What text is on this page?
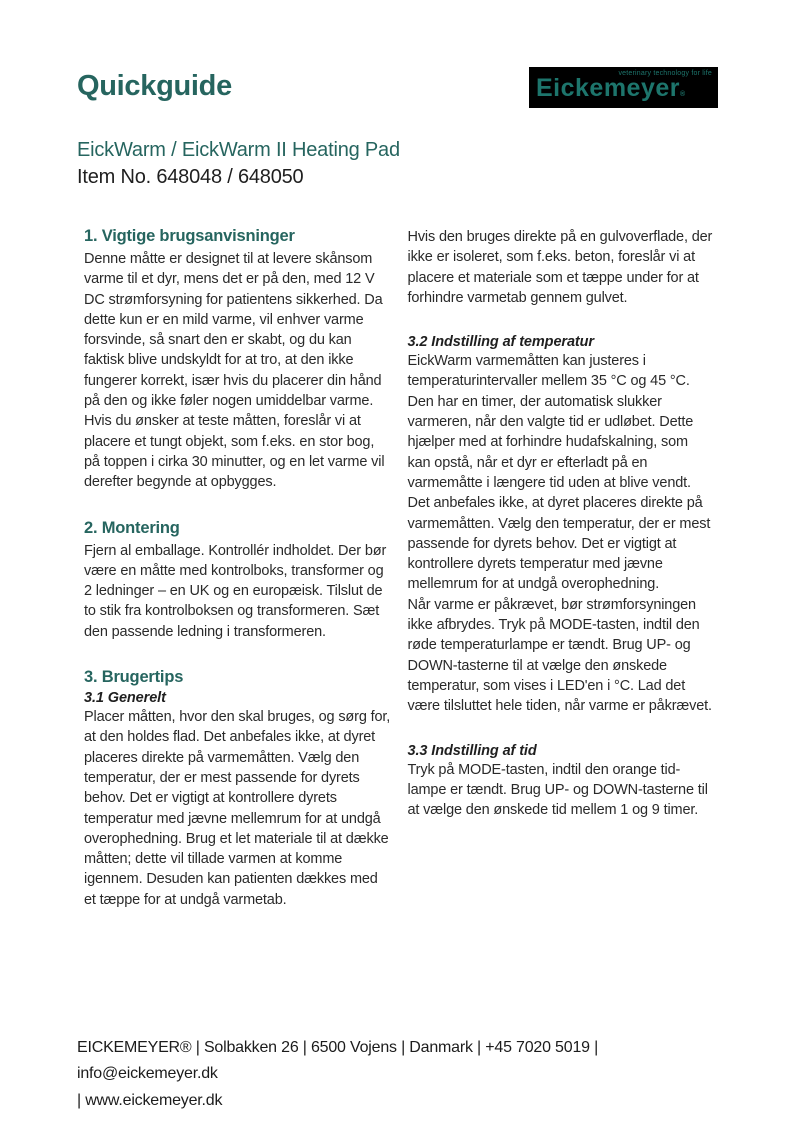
Quickguide	veterinary technology for life
Eickemeyer®
EickWarm / EickWarm II Heating Pad
Item No. 648048 / 648050
1. Vigtige brugsanvisninger

Denne måtte er designet til at levere skånsom varme til et dyr, mens det er på den, med 12 V DC strømforsyning for patientens sikkerhed. Da dette kun er en mild varme, vil enhver varme forsvinde, så snart den er skabt, og du kan faktisk blive undskyldt for at tro, at den ikke fungerer korrekt, især hvis du placerer din hånd på den og ikke føler nogen umiddelbar varme. Hvis du ønsker at teste måtten, foreslår vi at placere et tungt objekt, som f.eks. en stor bog, på toppen i cirka 30 minutter, og en let varme vil derefter begynde at opbygges.

2. Montering

Fjern al emballage. Kontrollér indholdet. Der bør være en måtte med kontrolboks, transformer og 2 ledninger – en UK og en europæisk. Tilslut de to stik fra kontrolboksen og transformeren. Sæt den passende ledning i transformeren.

3. Brugertips
3.1 Generelt

Placer måtten, hvor den skal bruges, og sørg for, at den holdes flad. Det anbefales ikke, at dyret placeres direkte på varmemåtten. Vælg den temperatur, der er mest passende for dyrets behov. Det er vigtigt at kontrollere dyrets temperatur med jævne mellemrum for at undgå overophedning. Brug et let materiale til at dække måtten; dette vil tillade varmen at komme igennem. Desuden kan patienten dækkes med et tæppe for at undgå varmetab.

Hvis den bruges direkte på en gulvoverflade, der ikke er isoleret, som f.eks. beton, foreslår vi at placere et materiale som et tæppe under for at forhindre varmetab gennem gulvet.

3.2 Indstilling af temperatur

EickWarm varmemåtten kan justeres i temperaturintervaller mellem 35 °C og 45 °C. Den har en timer, der automatisk slukker varmeren, når den valgte tid er udløbet. Dette hjælper med at forhindre hudafskalning, som kan opstå, når et dyr er efterladt på en varmemåtte i længere tid uden at blive vendt. Det anbefales ikke, at dyret placeres direkte på varmemåtten. Vælg den temperatur, der er mest passende for dyrets behov. Det er vigtigt at kontrollere dyrets temperatur med jævne mellemrum for at undgå overophedning.

Når varme er påkrævet, bør strømforsyningen ikke afbrydes. Tryk på MODE-tasten, indtil den røde temperaturlampe er tændt. Brug UP- og DOWN-tasterne til at vælge den ønskede temperatur, som vises i LED'en i °C. Lad det være tilsluttet hele tiden, når varme er påkrævet.

3.3 Indstilling af tid

Tryk på MODE-tasten, indtil den orange tid-lampe er tændt. Brug UP- og DOWN-tasterne til at vælge den ønskede tid mellem 1 og 9 timer.

EICKEMEYER® | Solbakken 26 | 6500 Vojens | Danmark | +45 7020 5019 | info@eickemeyer.dk
| www.eickemeyer.dk
